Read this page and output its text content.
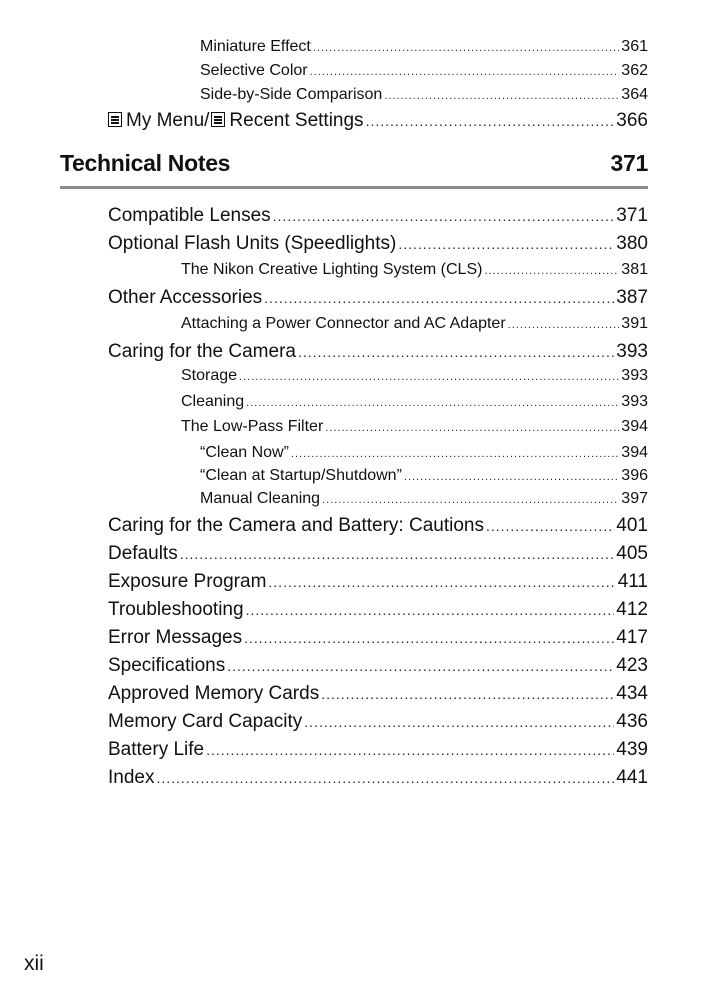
Miniature Effect .....	361
Selective Color .....	362
Side-by-Side Comparison .....	364
My Menu/ Recent Settings .....	366
Technical Notes	371
Compatible Lenses .....	371
Optional Flash Units (Speedlights) .....	380
The Nikon Creative Lighting System (CLS) .....	381
Other Accessories .....	387
Attaching a Power Connector and AC Adapter .....	391
Caring for the Camera .....	393
Storage .....	393
Cleaning .....	393
The Low-Pass Filter .....	394
“Clean Now” .....	394
“Clean at Startup/Shutdown” .....	396
Manual Cleaning .....	397
Caring for the Camera and Battery: Cautions .....	401
Defaults .....	405
Exposure Program .....	411
Troubleshooting .....	412
Error Messages .....	417
Specifications .....	423
Approved Memory Cards .....	434
Memory Card Capacity .....	436
Battery Life .....	439
Index .....	441
xii
